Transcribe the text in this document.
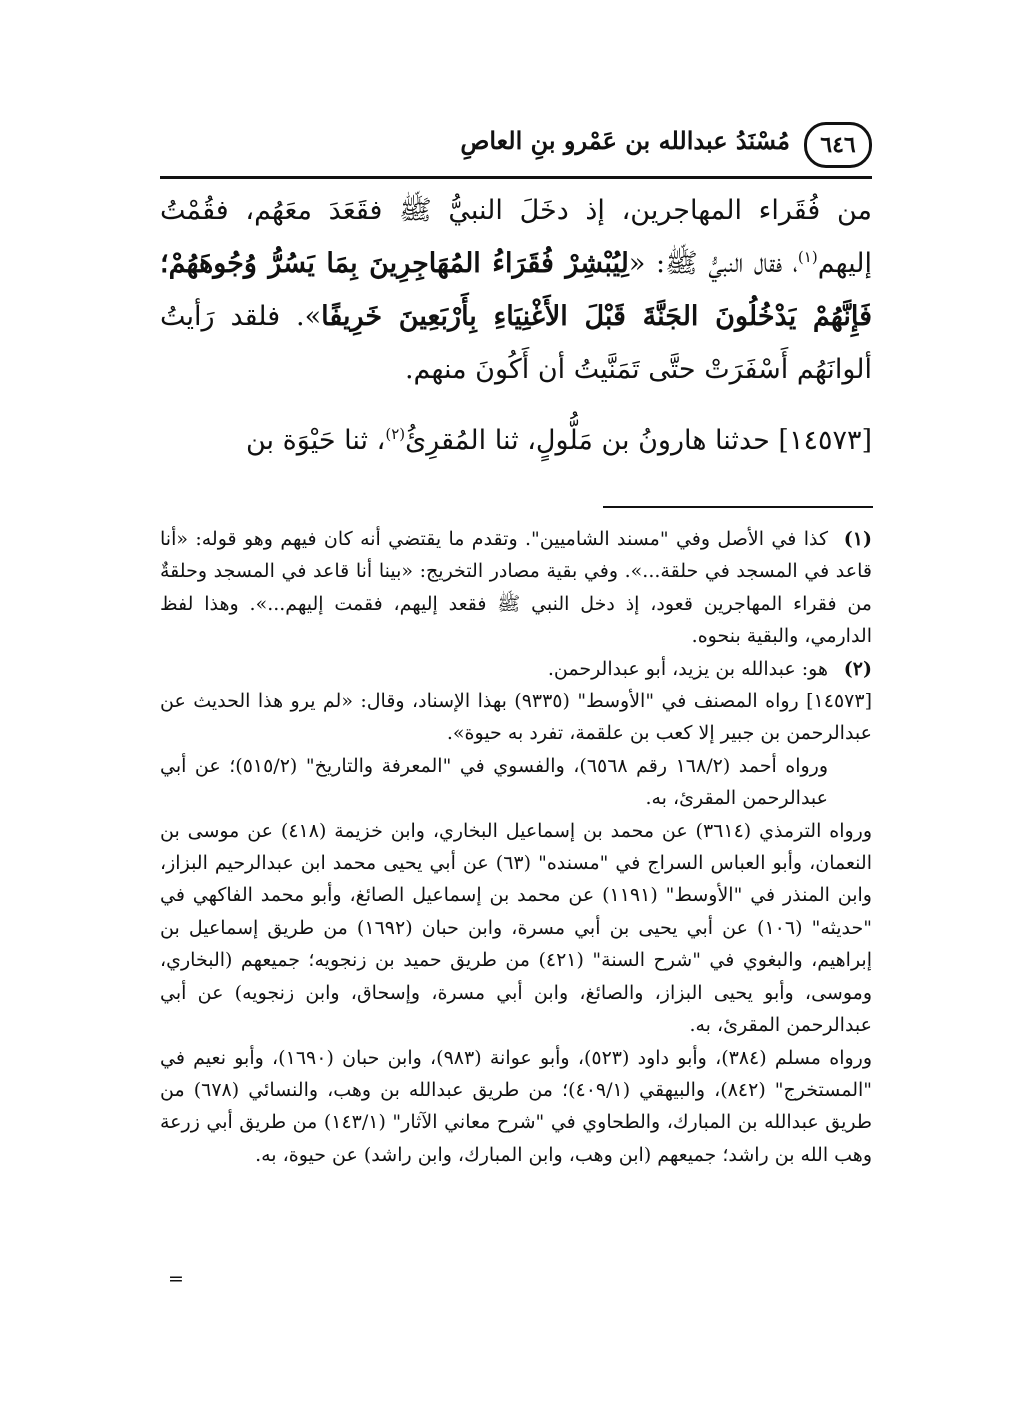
٦٤٦
مُسْنَدُ عبدالله بن عَمْرو بنِ العاصِ

من فُقَراء المهاجرين، إذ دخَلَ النبيُّ ﷺ فقَعَدَ معَهُم، فقُمْتُ إليهم$^{(١)}$، فقال النبيُّ ﷺ: «لِيُبْشِرْ فُقَرَاءُ المُهَاجِرِينَ بِمَا يَسُرُّ وُجُوهَهُمْ؛ فَإِنَّهُمْ يَدْخُلُونَ الجَنَّةَ قَبْلَ الأَغْنِيَاءِ بِأَرْبَعِينَ خَرِيفًا». فلقد رَأيتُ ألوانَهُم أَسْفَرَتْ حتَّى تَمَنَّيتُ أن أَكُونَ منهم.

[١٤٥٧٣] حدثنا هارونُ بن مَلُّولٍ، ثنا المُقرِئُ$^{(٢)}$، ثنا حَيْوَة بن

(١)كذا في الأصل وفي "مسند الشاميين". وتقدم ما يقتضي أنه كان فيهم وهو قوله: «أنا قاعد في المسجد في حلقة...». وفي بقية مصادر التخريج: «بينا أنا قاعد في المسجد وحلقةٌ من فقراء المهاجرين قعود، إذ دخل النبي ﷺ فقعد إليهم، فقمت إليهم...». وهذا لفظ الدارمي، والبقية بنحوه.

(٢)هو: عبدالله بن يزيد، أبو عبدالرحمن.

[١٤٥٧٣] رواه المصنف في "الأوسط" (٩٣٣٥) بهذا الإسناد، وقال: «لم يرو هذا الحديث عن عبدالرحمن بن جبير إلا كعب بن علقمة، تفرد به حيوة».

ورواه أحمد (١٦٨/٢ رقم ٦٥٦٨)، والفسوي في "المعرفة والتاريخ" (٥١٥/٢)؛ عن أبي عبدالرحمن المقرئ، به.

ورواه الترمذي (٣٦١٤) عن محمد بن إسماعيل البخاري، وابن خزيمة (٤١٨) عن موسى بن النعمان، وأبو العباس السراج في "مسنده" (٦٣) عن أبي يحيى محمد ابن عبدالرحيم البزاز، وابن المنذر في "الأوسط" (١١٩١) عن محمد بن إسماعيل الصائغ، وأبو محمد الفاكهي في "حديثه" (١٠٦) عن أبي يحيى بن أبي مسرة، وابن حبان (١٦٩٢) من طريق إسماعيل بن إبراهيم، والبغوي في "شرح السنة" (٤٢١) من طريق حميد بن زنجويه؛ جميعهم (البخاري، وموسى، وأبو يحيى البزاز، والصائغ، وابن أبي مسرة، وإسحاق، وابن زنجويه) عن أبي عبدالرحمن المقرئ، به.

ورواه مسلم (٣٨٤)، وأبو داود (٥٢٣)، وأبو عوانة (٩٨٣)، وابن حبان (١٦٩٠)، وأبو نعيم في "المستخرج" (٨٤٢)، والبيهقي (٤٠٩/١)؛ من طريق عبدالله بن وهب، والنسائي (٦٧٨) من طريق عبدالله بن المبارك، والطحاوي في "شرح معاني الآثار" (١٤٣/١) من طريق أبي زرعة وهب الله بن راشد؛ جميعهم (ابن وهب، وابن المبارك، وابن راشد) عن حيوة، به.

=
